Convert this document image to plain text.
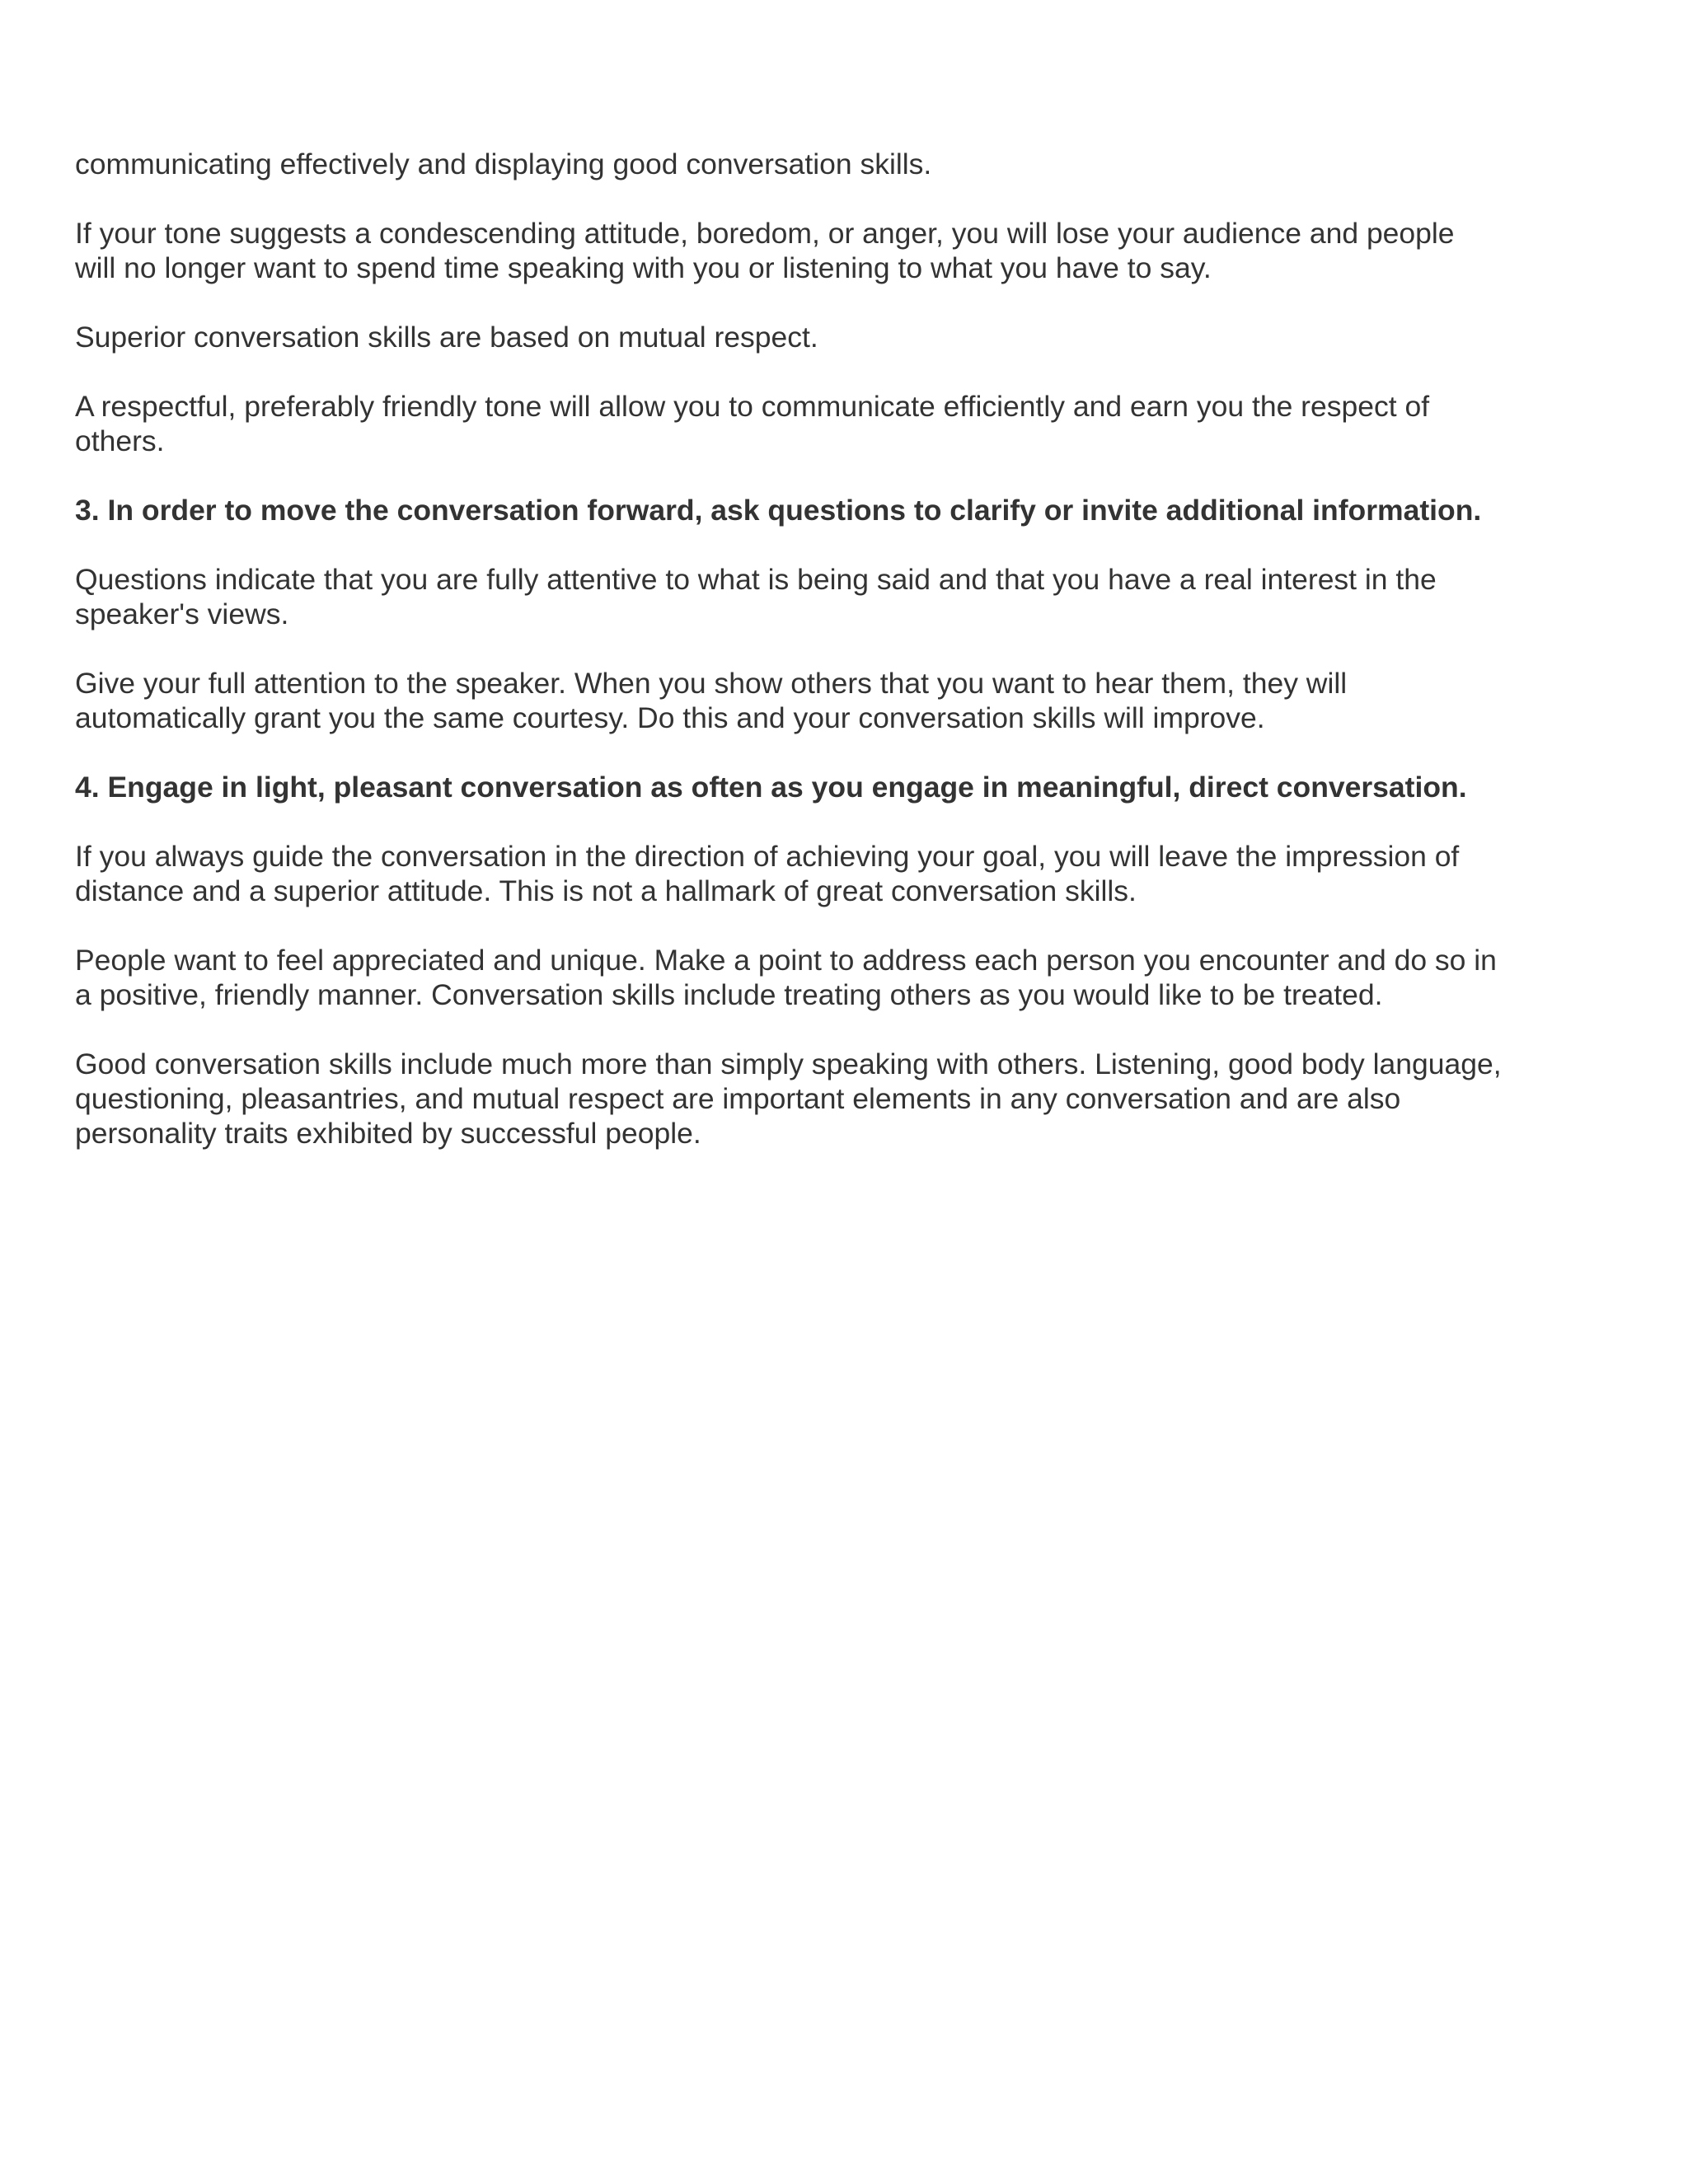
communicating effectively and displaying good conversation skills.

If your tone suggests a condescending attitude, boredom, or anger, you will lose your audience and people
will no longer want to spend time speaking with you or listening to what you have to say.

Superior conversation skills are based on mutual respect.

A respectful, preferably friendly tone will allow you to communicate efficiently and earn you the respect of
others.

3. In order to move the conversation forward, ask questions to clarify or invite additional information.

Questions indicate that you are fully attentive to what is being said and that you have a real interest in the
speaker's views.

Give your full attention to the speaker. When you show others that you want to hear them, they will
automatically grant you the same courtesy. Do this and your conversation skills will improve.

4. Engage in light, pleasant conversation as often as you engage in meaningful, direct conversation.

If you always guide the conversation in the direction of achieving your goal, you will leave the impression of
distance and a superior attitude. This is not a hallmark of great conversation skills.

People want to feel appreciated and unique. Make a point to address each person you encounter and do so in
a positive, friendly manner. Conversation skills include treating others as you would like to be treated.

Good conversation skills include much more than simply speaking with others. Listening, good body language,
questioning, pleasantries, and mutual respect are important elements in any conversation and are also
personality traits exhibited by successful people.
